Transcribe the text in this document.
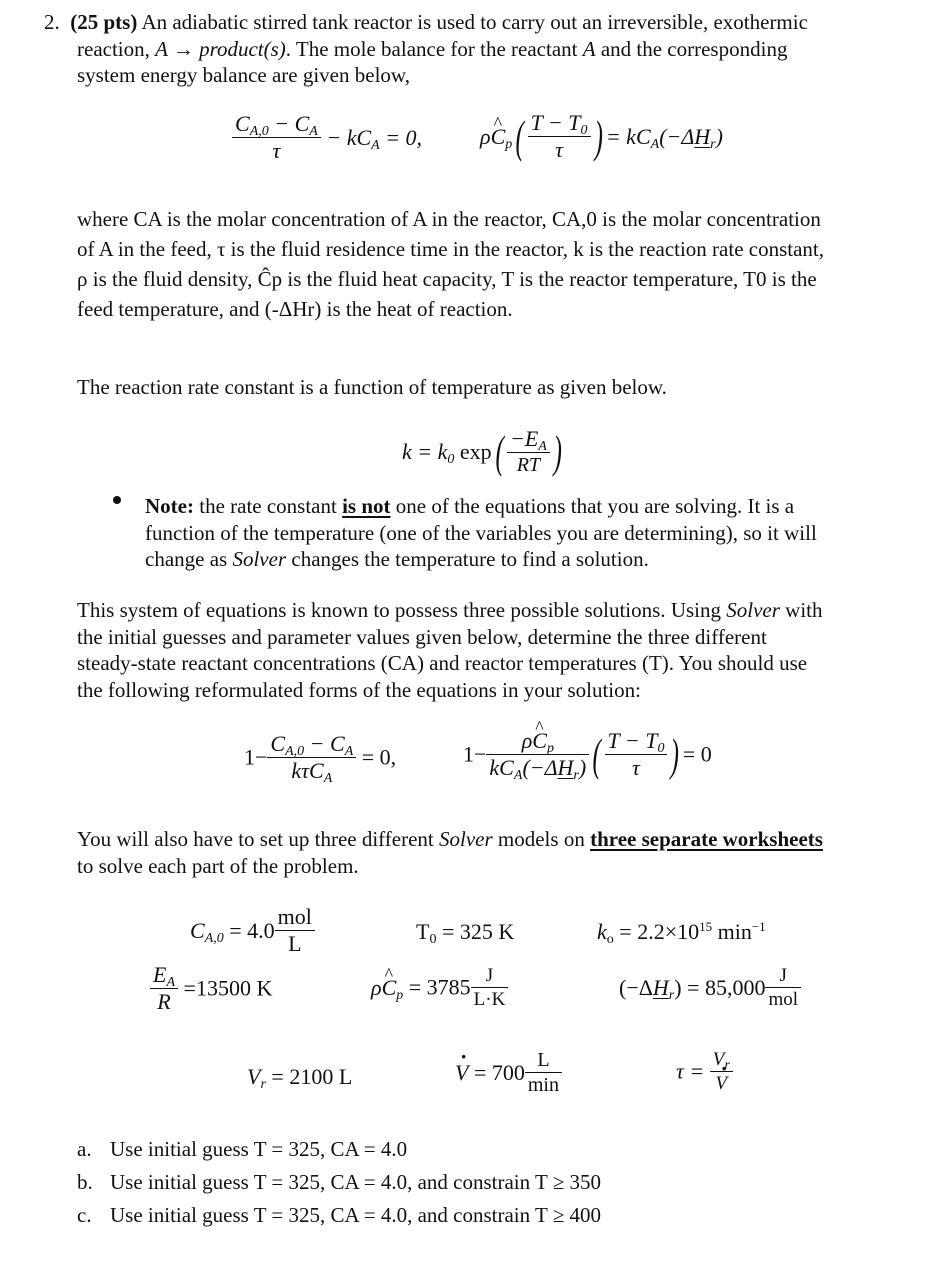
2. (25 pts) An adiabatic stirred tank reactor is used to carry out an irreversible, exothermic
reaction, A → product(s). The mole balance for the reactant A and the corresponding
system energy balance are given below,
$\frac{C_{A,0} - C_A}{\tau} - kC_A = 0$,	ρ^ $C_p( \frac{T - T_0}{\tau}$ ) = $kC_A(-\Delta H_r)$
where CA is the molar concentration of A in the reactor, CA,0 is the molar concentration
of A in the feed, τ is the fluid residence time in the reactor, k is the reaction rate constant,
ρ is the fluid density, Ĉp is the fluid heat capacity, T is the reactor temperature, T0 is the
feed temperature, and (-ΔHr) is the heat of reaction.
The reaction rate constant is a function of temperature as given below.
$k = k_0$ $\exp( \frac{-E_A}{RT}$ )
Note: the rate constant is not one of the equations that you are solving. It is a
function of the temperature (one of the variables you are determining), so it will
change as Solver changes the temperature to find a solution.
This system of equations is known to possess three possible solutions. Using Solver with
the initial guesses and parameter values given below, determine the three different
steady-state reactant concentrations (CA) and reactor temperatures (T). You should use
the following reformulated forms of the equations in your solution:
$1- \frac{C_{A,0} - C_A}{k\tau C_A} = 0$,	$1- \frac{\rho\^{} C_p}{kC_A(-\Delta H_r)}$ ( $\frac{T - T_0}{\tau}$ ) = 0
You will also have to set up three different Solver models on three separate worksheets
to solve each part of the problem.
$C_{A,0} = 4.0 \frac{\text{mol}}{L}$	$T_0 = 325$ K	$k_o = 2.2\times 10^{15}$ $\min^{-1}$
$\frac{E_A}{R} =13500$ K	ρ^ $C_p = 3785 \frac{J}{L\cdot K}$	$(-\Delta H_r) = 85,000 \frac{J}{\text{mol}}$
$V_r = 2100$ L
·	$V = 700 \frac{L}{\min}$	$\tau = V_r$
· V
a. Use initial guess T = 325, CA = 4.0
b. Use initial guess T = 325, CA = 4.0, and constrain T ≥ 350
c. Use initial guess T = 325, CA = 4.0, and constrain T ≥ 400
